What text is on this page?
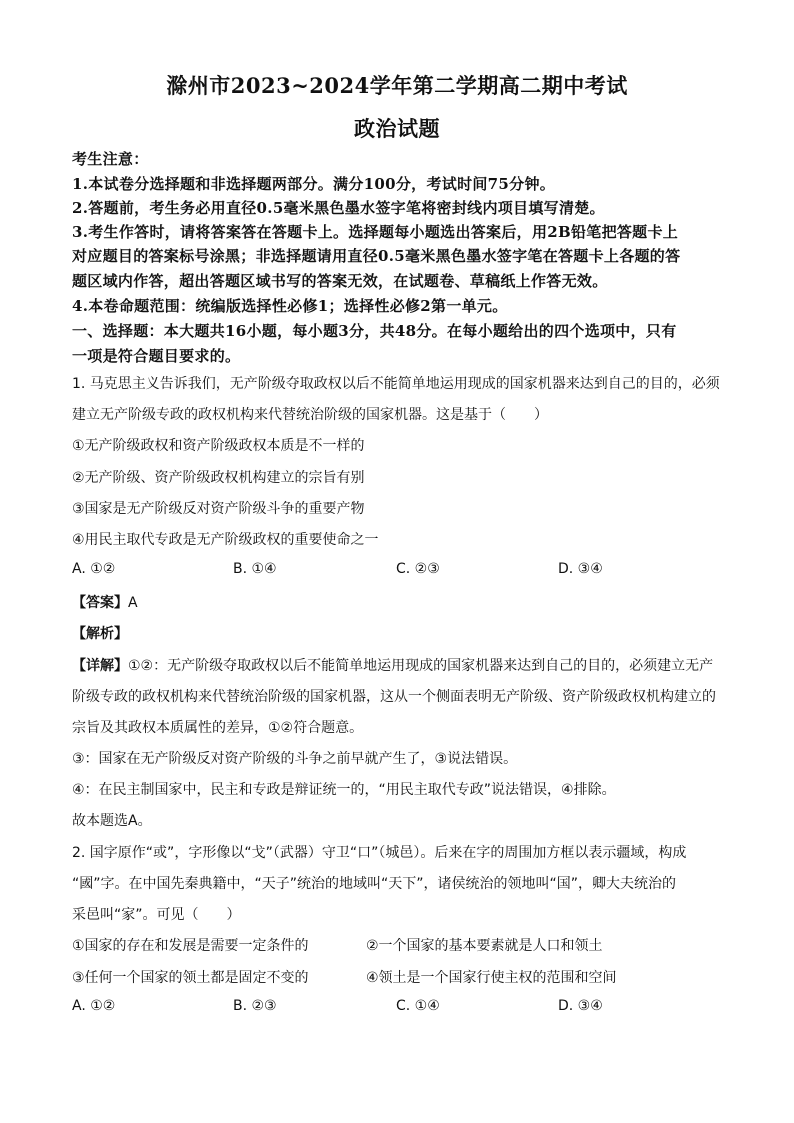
滁州市2023~2024学年第二学期高二期中考试
政治试题
考生注意：
1.本试卷分选择题和非选择题两部分。满分100分，考试时间75分钟。
2.答题前，考生务必用直径0.5毫米黑色墨水签字笔将密封线内项目填写清楚。
3.考生作答时，请将答案答在答题卡上。选择题每小题选出答案后，用2B铅笔把答题卡上
对应题目的答案标号涂黑；非选择题请用直径0.5毫米黑色墨水签字笔在答题卡上各题的答
题区域内作答，超出答题区域书写的答案无效，在试题卷、草稿纸上作答无效。
4.本卷命题范围：统编版选择性必修1；选择性必修2第一单元。
一、选择题：本大题共16小题，每小题3分，共48分。在每小题给出的四个选项中，只有
一项是符合题目要求的。
1. 马克思主义告诉我们，无产阶级夺取政权以后不能简单地运用现成的国家机器来达到自己的目的，必须
建立无产阶级专政的政权机构来代替统治阶级的国家机器。这是基于（　　）
①无产阶级政权和资产阶级政权本质是不一样的
②无产阶级、资产阶级政权机构建立的宗旨有别
③国家是无产阶级反对资产阶级斗争的重要产物
④用民主取代专政是无产阶级政权的重要使命之一
A. ①②	B. ①④	C. ②③	D. ③④
【答案】A
【解析】
【详解】①②：无产阶级夺取政权以后不能简单地运用现成的国家机器来达到自己的目的，必须建立无产
阶级专政的政权机构来代替统治阶级的国家机器，这从一个侧面表明无产阶级、资产阶级政权机构建立的
宗旨及其政权本质属性的差异，①②符合题意。
③：国家在无产阶级反对资产阶级的斗争之前早就产生了，③说法错误。
④：在民主制国家中，民主和专政是辩证统一的，“用民主取代专政”说法错误，④排除。
故本题选A。
2. 国字原作“或”，字形像以“戈”（武器）守卫“口”（城邑）。后来在字的周围加方框以表示疆域，构成
“國”字。在中国先秦典籍中，“天子”统治的地域叫“天下”，诸侯统治的领地叫“国”，卿大夫统治的
采邑叫“家”。可见（　　）
①国家的存在和发展是需要一定条件的	②一个国家的基本要素就是人口和领土
③任何一个国家的领土都是固定不变的	④领土是一个国家行使主权的范围和空间
A. ①②	B. ②③	C. ①④	D. ③④
